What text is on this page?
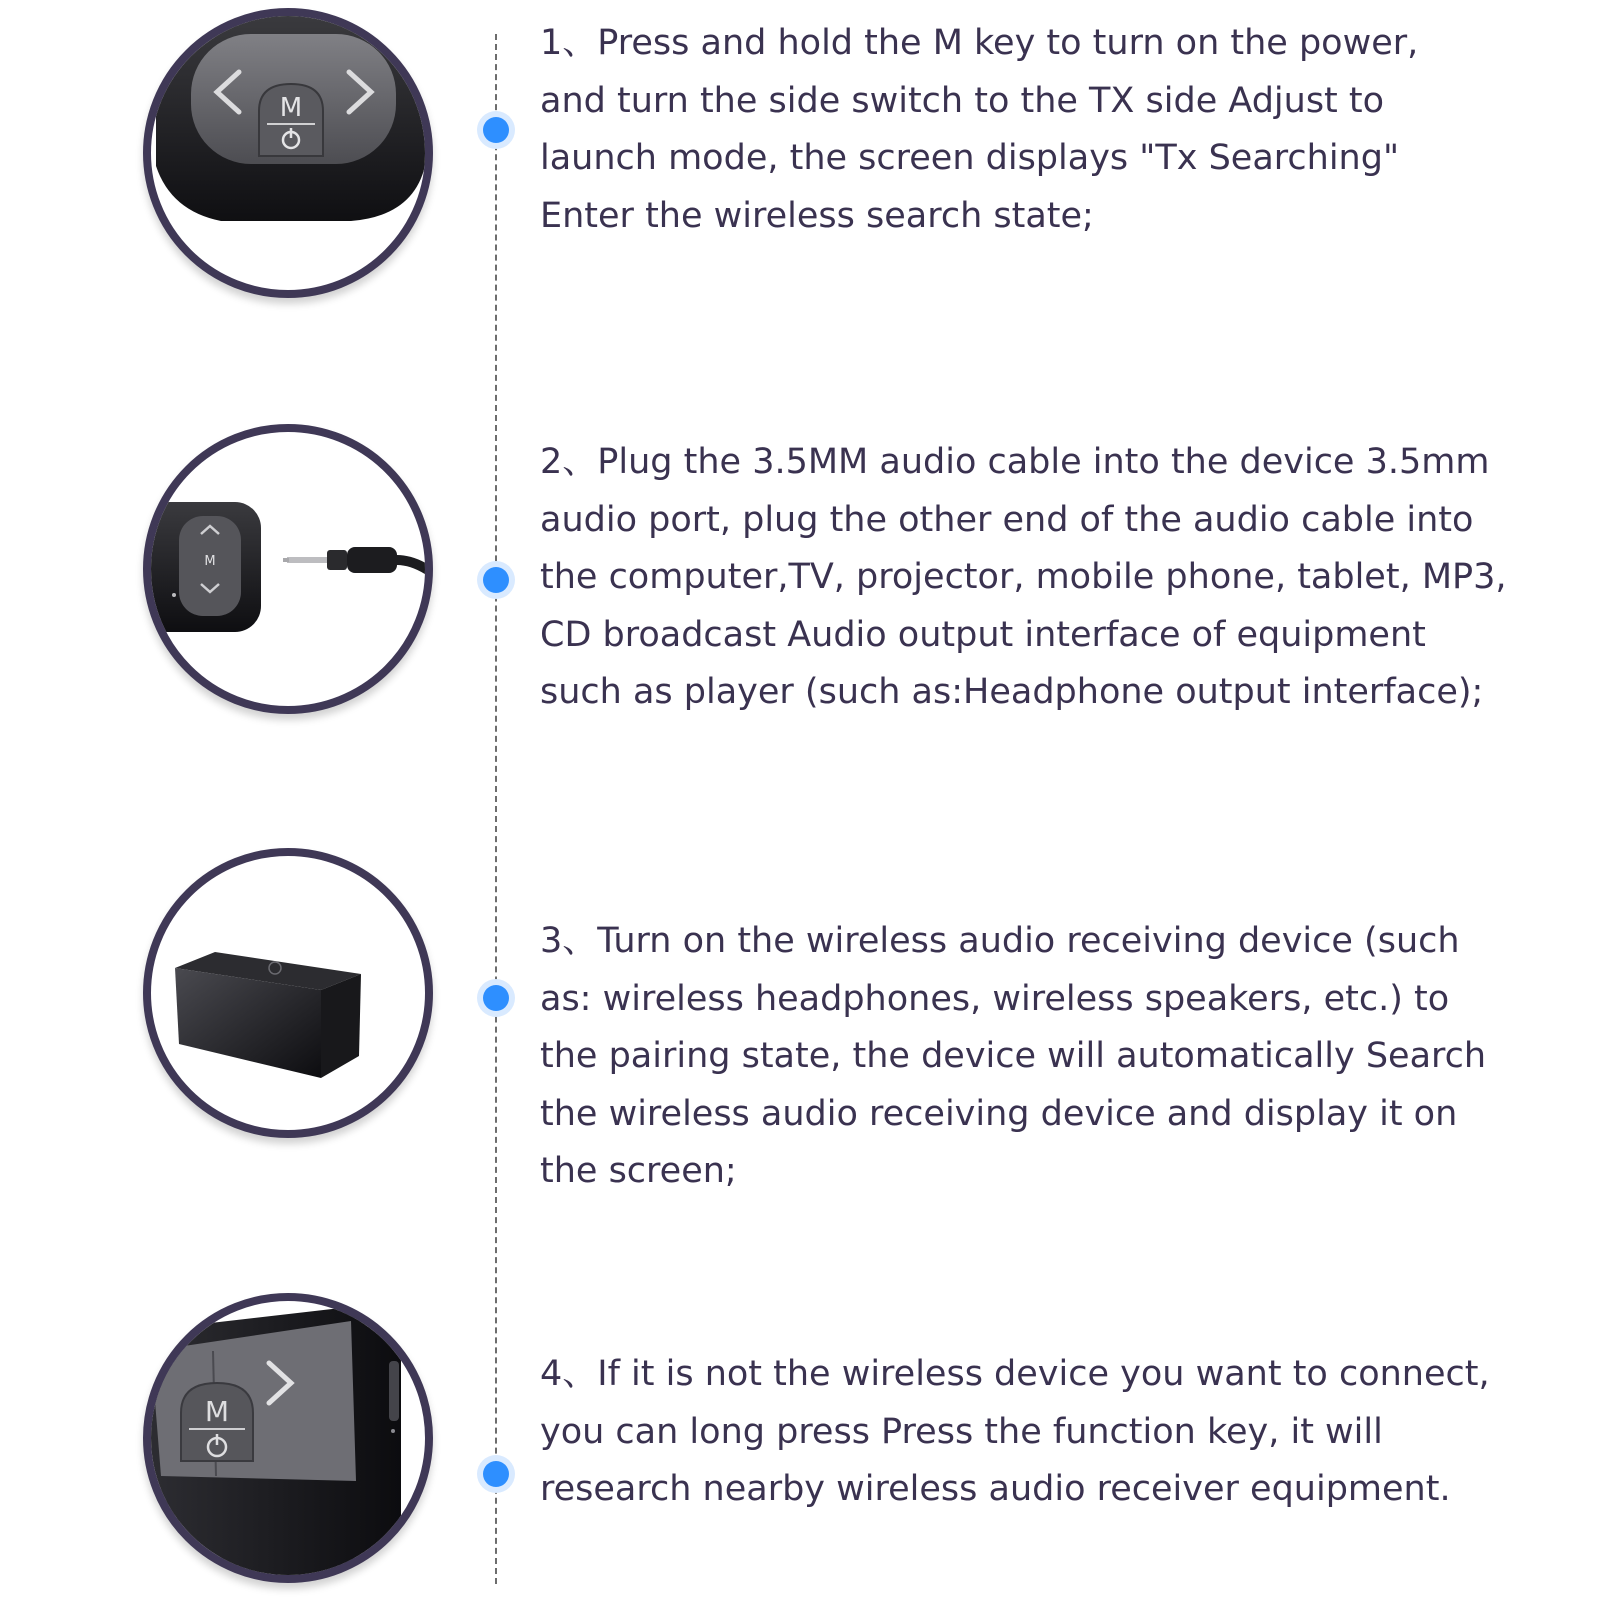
M

1、Press and hold the M key to turn on the power,
and turn the side switch to the TX side Adjust to
launch mode, the screen displays "Tx Searching"
Enter the wireless search state;

M

2、Plug the 3.5MM audio cable into the device 3.5mm
audio port, plug the other end of the audio cable into
the computer,TV, projector, mobile phone, tablet, MP3,
CD broadcast Audio output interface of equipment
such as player (such as:Headphone output interface);

3、Turn on the wireless audio receiving device (such
as: wireless headphones, wireless speakers, etc.) to
the pairing state, the device will automatically Search
the wireless audio receiving device and display it on
the screen;

M

4、If it is not the wireless device you want to connect,
you can long press Press the function key, it will
research nearby wireless audio receiver equipment.
